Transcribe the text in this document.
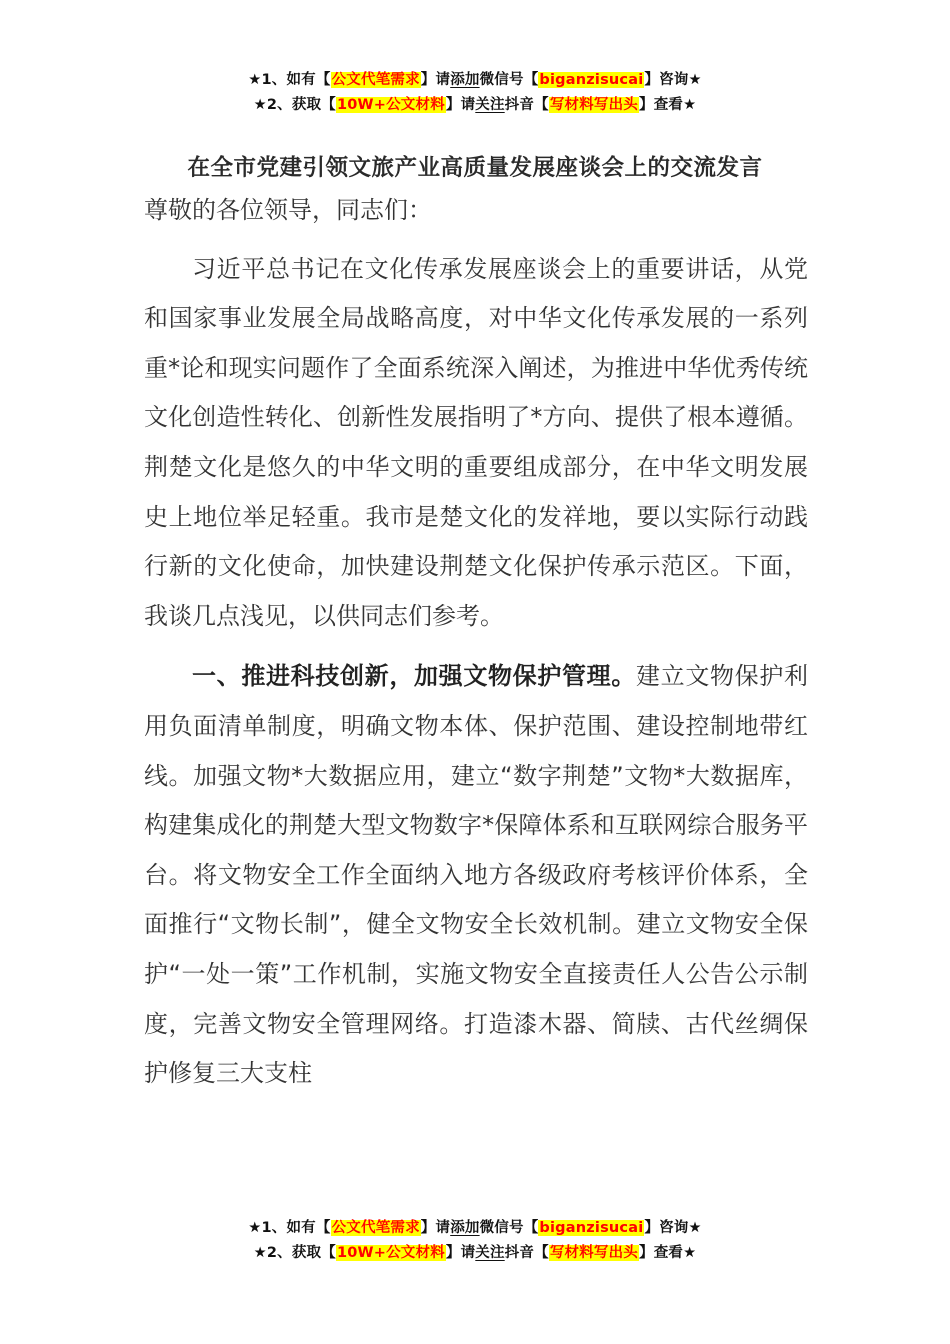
★1、如有【公文代笔需求】请添加微信号【biganzisucai】咨询★
★2、获取【10W+公文材料】请关注抖音【写材料写出头】查看★
在全市党建引领文旅产业高质量发展座谈会上的交流发言

尊敬的各位领导，同志们：

习近平总书记在文化传承发展座谈会上的重要讲话，从党和国家事业发展全局战略高度，对中华文化传承发展的一系列重*论和现实问题作了全面系统深入阐述，为推进中华优秀传统文化创造性转化、创新性发展指明了*方向、提供了根本遵循。荆楚文化是悠久的中华文明的重要组成部分，在中华文明发展史上地位举足轻重。我市是楚文化的发祥地，要以实际行动践行新的文化使命，加快建设荆楚文化保护传承示范区。下面，我谈几点浅见，以供同志们参考。

一、推进科技创新，加强文物保护管理。建立文物保护利用负面清单制度，明确文物本体、保护范围、建设控制地带红线。加强文物*大数据应用，建立“数字荆楚”文物*大数据库，构建集成化的荆楚大型文物数字*保障体系和互联网综合服务平台。将文物安全工作全面纳入地方各级政府考核评价体系，全面推行“文物长制”，健全文物安全长效机制。建立文物安全保护“一处一策”工作机制，实施文物安全直接责任人公告公示制度，完善文物安全管理网络。打造漆木器、简牍、古代丝绸保护修复三大支柱

★1、如有【公文代笔需求】请添加微信号【biganzisucai】咨询★
★2、获取【10W+公文材料】请关注抖音【写材料写出头】查看★
